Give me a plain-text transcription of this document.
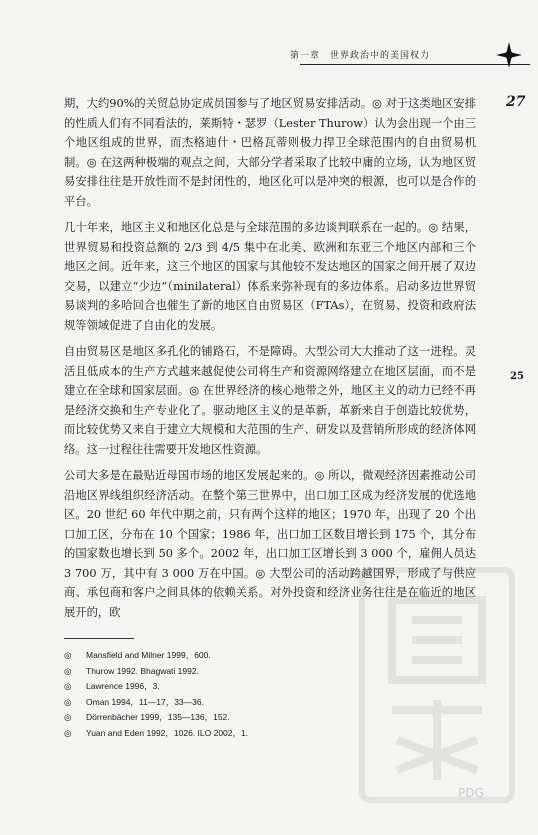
第一章　世界政治中的美国权力
27
25

期，大约90%的关贸总协定成员国参与了地区贸易安排活动。◎ 对于这类地区安排的性质人们有不同看法的，莱斯特・瑟罗（Lester Thurow）认为会出现一个由三个地区组成的世界，而杰格迪什・巴格瓦蒂则极力捍卫全球范围内的自由贸易机制。◎ 在这两种极端的观点之间，大部分学者采取了比较中庸的立场，认为地区贸易安排往往是开放性而不是封闭性的，地区化可以是冲突的根源，也可以是合作的平台。

几十年来，地区主义和地区化总是与全球范围的多边谈判联系在一起的。◎ 结果，世界贸易和投资总额的 2/3 到 4/5 集中在北美、欧洲和东亚三个地区内部和三个地区之间。近年来，这三个地区的国家与其他较不发达地区的国家之间开展了双边交易，以建立“少边”（minilateral）体系来弥补现有的多边体系。启动多边世界贸易谈判的多哈回合也催生了新的地区自由贸易区（FTAs），在贸易、投资和政府法规等领域促进了自由化的发展。

自由贸易区是地区多孔化的铺路石，不是障碍。大型公司大大推动了这一进程。灵活且低成本的生产方式越来越促使公司将生产和资源网络建立在地区层面，而不是建立在全球和国家层面。◎ 在世界经济的核心地带之外，地区主义的动力已经不再是经济交换和生产专业化了。驱动地区主义的是革新，革新来自于创造比较优势，而比较优势又来自于建立大规模和大范围的生产、研发以及营销所形成的经济体网络。这一过程往往需要开发地区性资源。

公司大多是在最贴近母国市场的地区发展起来的。◎ 所以，微观经济因素推动公司沿地区界线组织经济活动。在整个第三世界中，出口加工区成为经济发展的优选地区。20 世纪 60 年代中期之前，只有两个这样的地区；1970 年，出现了 20 个出口加工区，分布在 10 个国家；1986 年，出口加工区数目增长到 175 个，其分布的国家数也增长到 50 多个。2002 年，出口加工区增长到 3 000 个，雇佣人员达 3 700 万，其中有 3 000 万在中国。◎ 大型公司的活动跨越国界，形成了与供应商、承包商和客户之间具体的依赖关系。对外投资和经济业务往往是在临近的地区展开的，欧

◎ Mansfield and Milner 1999，600.
◎ Thurow 1992. Bhagwati 1992.
◎ Lawrence 1996，3.
◎ Oman 1994，11—17，33—36.
◎ Dörrenbächer 1999，135—136，152.
◎ Yuan and Eden 1992，1026. ILO 2002，1.
PDG
